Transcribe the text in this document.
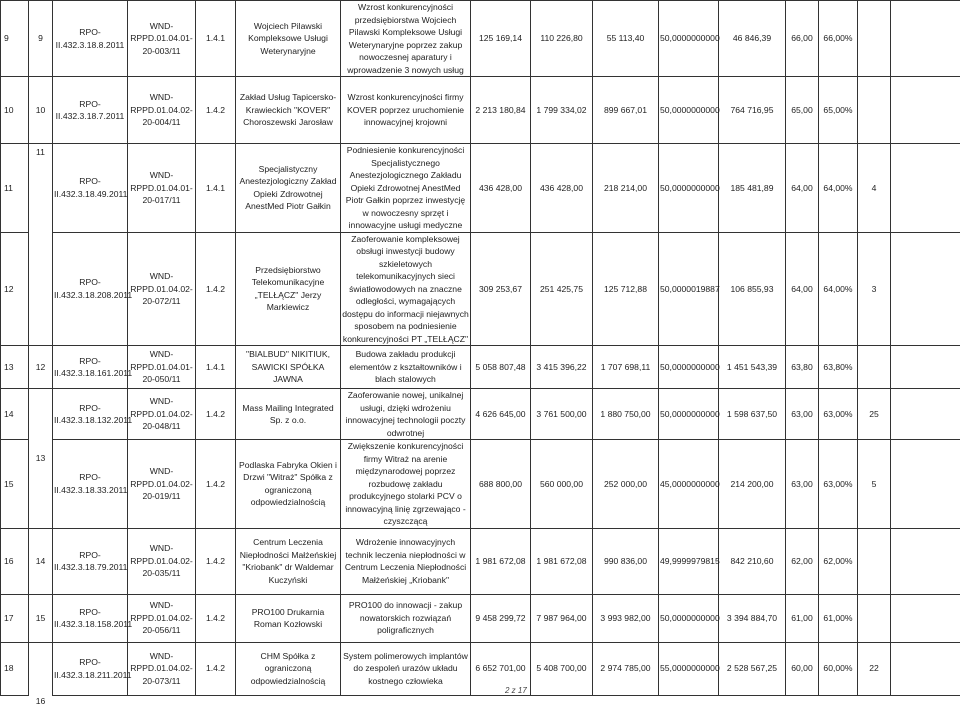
9	9	RPO-II.432.3.18.8.2011	WND-RPPD.01.04.01-20-003/11	1.4.1	Wojciech Pilawski Kompleksowe Usługi Weterynaryjne	Wzrost konkurencyjności przedsiębiorstwa Wojciech Pilawski Kompleksowe Usługi Weterynaryjne poprzez zakup nowoczesnej aparatury i wprowadzenie 3 nowych usług	125 169,14	110 226,80	55 113,40	50,0000000000	46 846,39	66,00	66,00%		
10	10	RPO-II.432.3.18.7.2011	WND-RPPD.01.04.02-20-004/11	1.4.2	Zakład Usług Tapicersko-Krawieckich "KOVER" Choroszewski Jarosław	Wzrost konkurencyjności firmy KOVER poprzez uruchomienie innowacyjnej krojowni	2 213 180,84	1 799 334,02	899 667,01	50,0000000000	764 716,95	65,00	65,00%		
11	11	RPO-II.432.3.18.49.2011	WND-RPPD.01.04.01-20-017/11	1.4.1	Specjalistyczny Anestezjologiczny Zakład Opieki Zdrowotnej AnestMed Piotr Gałkin	Podniesienie konkurencyjności Specjalistycznego Anestezjologicznego Zakładu Opieki Zdrowotnej AnestMed Piotr Gałkin poprzez inwestycję w nowoczesny sprzęt i innowacyjne usługi medyczne	436 428,00	436 428,00	218 214,00	50,0000000000	185 481,89	64,00	64,00%	4	
12		RPO-II.432.3.18.208.2011	WND-RPPD.01.04.02-20-072/11	1.4.2	Przedsiębiorstwo Telekomunikacyjne „TELŁĄCZ" Jerzy Markiewicz	Zaoferowanie kompleksowej obsługi inwestycji budowy szkieletowych telekomunikacyjnych sieci światłowodowych na znaczne odległości, wymagających dostępu do informacji niejawnych sposobem na podniesienie konkurencyjności PT „TELŁĄCZ"	309 253,67	251 425,75	125 712,88	50,0000019887	106 855,93	64,00	64,00%	3	
13	12	RPO-II.432.3.18.161.2011	WND-RPPD.01.04.01-20-050/11	1.4.1	"BIALBUD" NIKITIUK, SAWICKI SPÓŁKA JAWNA	Budowa zakładu produkcji elementów z kształtowników i blach stalowych	5 058 807,48	3 415 396,22	1 707 698,11	50,0000000000	1 451 543,39	63,80	63,80%		
14	13	RPO-II.432.3.18.132.2011	WND-RPPD.01.04.02-20-048/11	1.4.2	Mass Mailing Integrated Sp. z o.o.	Zaoferowanie nowej, unikalnej usługi, dzięki wdrożeniu innowacyjnej technologii poczty odwrotnej	4 626 645,00	3 761 500,00	1 880 750,00	50,0000000000	1 598 637,50	63,00	63,00%	25	
15		RPO-II.432.3.18.33.2011	WND-RPPD.01.04.02-20-019/11	1.4.2	Podlaska Fabryka Okien i Drzwi "Witraż" Spółka z ograniczoną odpowiedzialnością	Zwiększenie konkurencyjności firmy Witraż na arenie międzynarodowej poprzez rozbudowę zakładu produkcyjnego stolarki PCV o innowacyjną linię zgrzewająco - czyszczącą	688 800,00	560 000,00	252 000,00	45,0000000000	214 200,00	63,00	63,00%	5	
16	14	RPO-II.432.3.18.79.2011	WND-RPPD.01.04.02-20-035/11	1.4.2	Centrum Leczenia Niepłodności Małżeńskiej "Kriobank" dr Waldemar Kuczyński	Wdrożenie innowacyjnych technik leczenia niepłodności w Centrum Leczenia Niepłodności Małżeńskiej „Kriobank"	1 981 672,08	1 981 672,08	990 836,00	49,9999979815	842 210,60	62,00	62,00%		
17	15	RPO-II.432.3.18.158.2011	WND-RPPD.01.04.02-20-056/11	1.4.2	PRO100 Drukarnia Roman Kozłowski	PRO100 do innowacji - zakup nowatorskich rozwiązań poligraficznych	9 458 299,72	7 987 964,00	3 993 982,00	50,0000000000	3 394 884,70	61,00	61,00%		
18	16	RPO-II.432.3.18.211.2011	WND-RPPD.01.04.02-20-073/11	1.4.2	CHM Spółka z ograniczoną odpowiedzialnością	System polimerowych implantów do zespoleń urazów układu kostnego człowieka	6 652 701,00	5 408 700,00	2 974 785,00	55,0000000000	2 528 567,25	60,00	60,00%	22	
2 z 17
